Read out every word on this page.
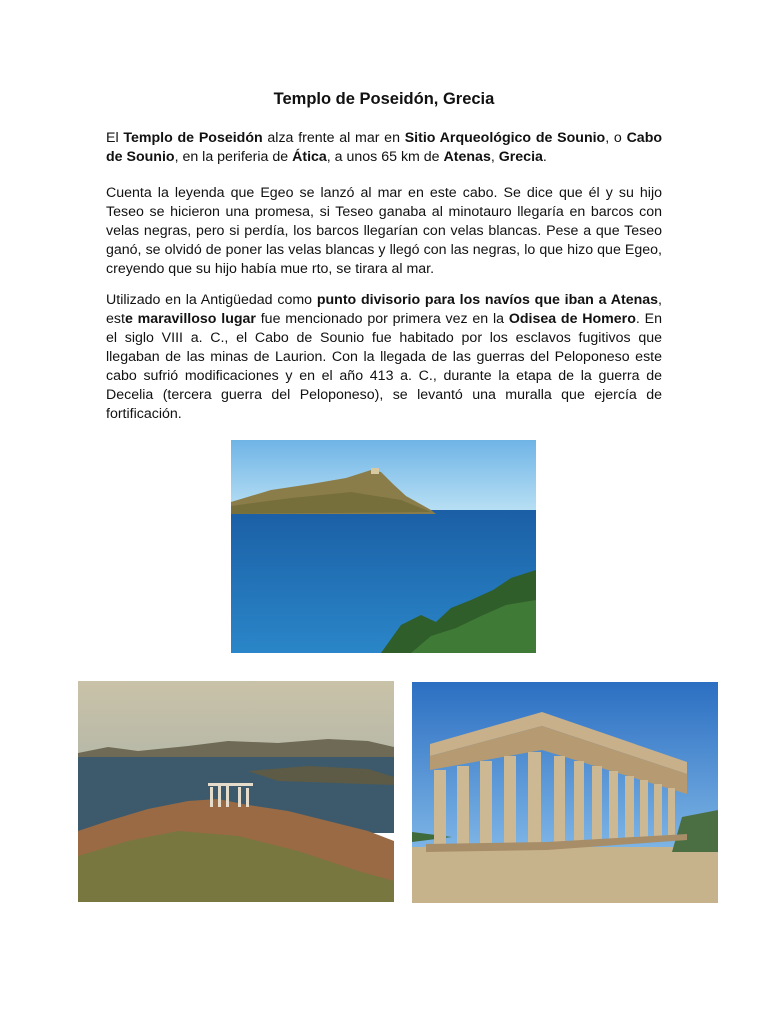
Templo de Poseidón, Grecia

El Templo de Poseidón alza frente al mar en Sitio Arqueológico de Sounio, o Cabo de Sounio, en la periferia de Ática, a unos 65 km de Atenas, Grecia.

Cuenta la leyenda que Egeo se lanzó al mar en este cabo. Se dice que él y su hijo Teseo se hicieron una promesa, si Teseo ganaba al minotauro llegaría en barcos con velas negras, pero si perdía, los barcos llegarían con velas blancas. Pese a que Teseo ganó, se olvidó de poner las velas blancas y llegó con las negras, lo que hizo que Egeo, creyendo que su hijo había mue rto, se tirara al mar.

Utilizado en la Antigüedad como punto divisorio para los navíos que iban a Atenas, este maravilloso lugar fue mencionado por primera vez en la Odisea de Homero. En el siglo VIII a. C., el Cabo de Sounio fue habitado por los esclavos fugitivos que llegaban de las minas de Laurion. Con la llegada de las guerras del Peloponeso este cabo sufrió modificaciones y en el año 413 a. C., durante la etapa de la guerra de Decelia (tercera guerra del Peloponeso), se levantó una muralla que ejercía de fortificación.
